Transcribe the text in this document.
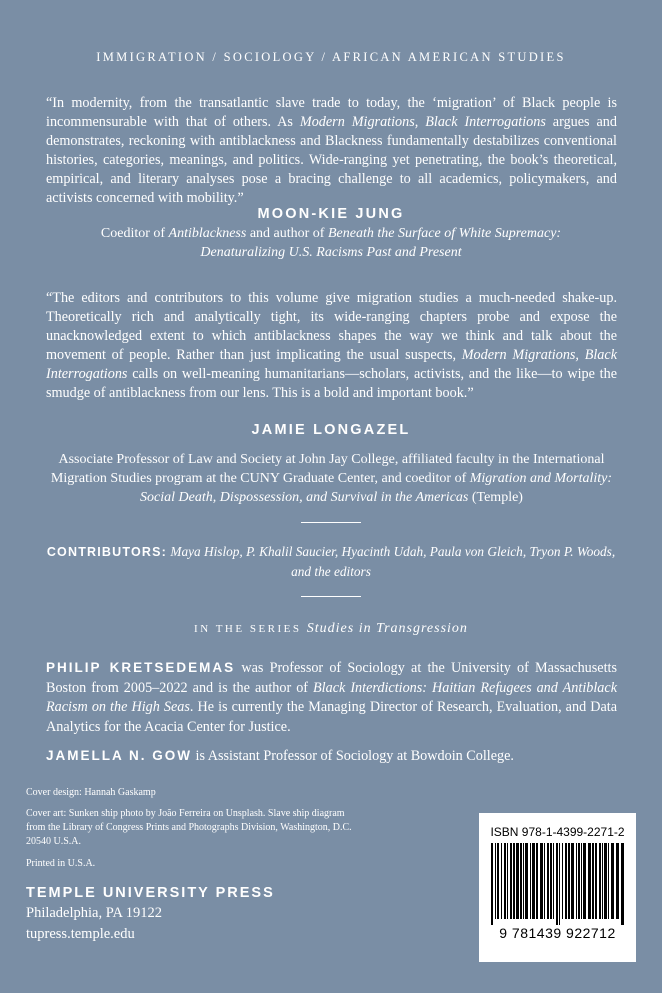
IMMIGRATION / SOCIOLOGY / AFRICAN AMERICAN STUDIES
“In modernity, from the transatlantic slave trade to today, the ‘migration’ of Black people is incommensurable with that of others. As Modern Migrations, Black Interrogations argues and demonstrates, reckoning with antiblackness and Blackness fundamentally destabilizes conventional histories, categories, meanings, and politics. Wide-ranging yet penetrating, the book’s theoretical, empirical, and literary analyses pose a bracing challenge to all academics, policymakers, and activists concerned with mobility.”
MOON-KIE JUNG
Coeditor of Antiblackness and author of Beneath the Surface of White Supremacy: Denaturalizing U.S. Racisms Past and Present
“The editors and contributors to this volume give migration studies a much-needed shake-up. Theoretically rich and analytically tight, its wide-ranging chapters probe and expose the unacknowledged extent to which antiblackness shapes the way we think and talk about the movement of people. Rather than just implicating the usual suspects, Modern Migrations, Black Interrogations calls on well-meaning humanitarians—scholars, activists, and the like—to wipe the smudge of antiblackness from our lens. This is a bold and important book.”
JAMIE LONGAZEL
Associate Professor of Law and Society at John Jay College, affiliated faculty in the International Migration Studies program at the CUNY Graduate Center, and coeditor of Migration and Mortality: Social Death, Dispossession, and Survival in the Americas (Temple)
CONTRIBUTORS: Maya Hislop, P. Khalil Saucier, Hyacinth Udah, Paula von Gleich, Tryon P. Woods, and the editors
IN THE SERIES Studies in Transgression
PHILIP KRETSEDEMAS was Professor of Sociology at the University of Massachusetts Boston from 2005–2022 and is the author of Black Interdictions: Haitian Refugees and Antiblack Racism on the High Seas. He is currently the Managing Director of Research, Evaluation, and Data Analytics for the Acacia Center for Justice.
JAMELLA N. GOW is Assistant Professor of Sociology at Bowdoin College.
Cover design: Hannah Gaskamp
Cover art: Sunken ship photo by João Ferreira on Unsplash. Slave ship diagram from the Library of Congress Prints and Photographs Division, Washington, D.C. 20540 U.S.A.
Printed in U.S.A.
TEMPLE UNIVERSITY PRESS
Philadelphia, PA 19122
tupress.temple.edu
ISBN 978-1-4399-2271-2
9 781439 922712
